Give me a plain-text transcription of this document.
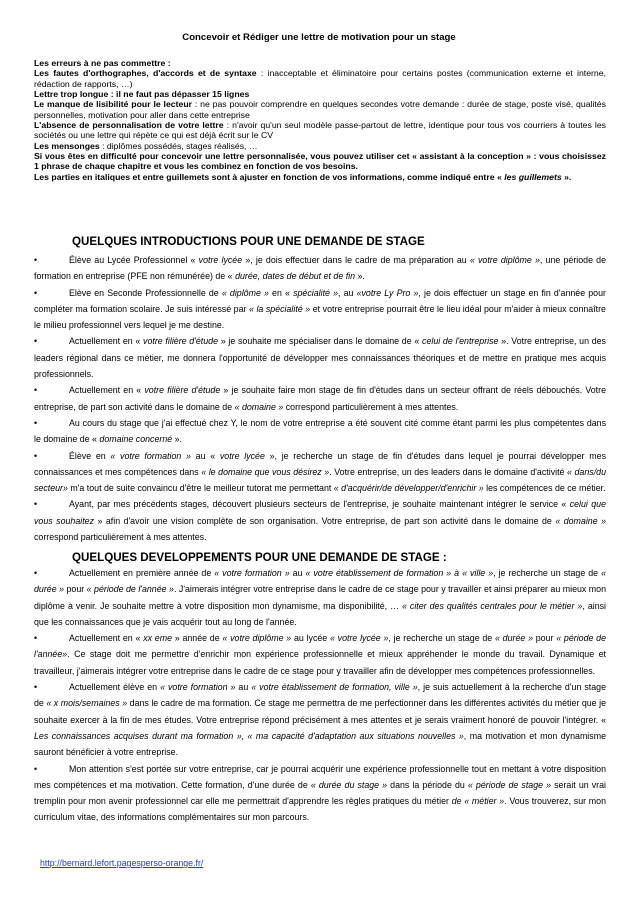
Concevoir et Rédiger une lettre de motivation pour un stage

Les erreurs à ne pas commettre :

Les fautes d'orthographes, d'accords et de syntaxe : inacceptable et éliminatoire pour certains postes (communication externe et interne, rédaction de rapports, …)

Lettre trop longue : il ne faut pas dépasser 15 lignes

Le manque de lisibilité pour le lecteur : ne pas pouvoir comprendre en quelques secondes votre demande : durée de stage, poste visé, qualités personnelles, motivation pour aller dans cette entreprise

L'absence de personnalisation de votre lettre : n'avoir qu'un seul modèle passe-partout de lettre, identique pour tous vos courriers à toutes les sociétés ou une lettre qui répète ce qui est déjà écrit sur le CV

Les mensonges : diplômes possédés, stages réalisés, …

Si vous êtes en difficulté pour concevoir une lettre personnalisée, vous pouvez utiliser cet « assistant à la conception » : vous choisissez 1 phrase de chaque chapitre et vous les combinez en fonction de vos besoins.

Les parties en italiques et entre guillemets sont à ajuster en fonction de vos informations, comme indiqué entre « les guillemets ».

QUELQUES INTRODUCTIONS POUR UNE DEMANDE DE STAGE

•	Élève au Lycée Professionnel « votre lycée », je dois effectuer dans le cadre de ma préparation au « votre diplôme », une période de formation en entreprise (PFE non rémunérée) de « durée, dates de début et de fin ».

•	Elève en Seconde Professionnelle de « diplôme » en « spécialité », au «votre Ly Pro », je dois effectuer un stage en fin d'année pour compléter ma formation scolaire. Je suis intéressé par « la spécialité » et votre entreprise pourrait être le lieu idéal pour m'aider à mieux connaître le milieu professionnel vers lequel je me destine.

•	Actuellement en « votre filière d'étude » je souhaite me spécialiser dans le domaine de « celui de l'entreprise ». Votre entreprise, un des leaders régional dans ce métier, me donnera l'opportunité de développer mes connaissances théoriques et de mettre en pratique mes acquis professionnels.

•	Actuellement en « votre filière d'étude » je souhaite faire mon stage de fin d'études dans un secteur offrant de réels débouchés. Votre entreprise, de part son activité dans le domaine de « domaine » correspond particulièrement à mes attentes.

•	Au cours du stage que j'ai effectué chez Y, le nom de votre entreprise a été souvent cité comme étant parmi les plus compétentes dans le domaine de « domaine concerné ».

•	Élève en « votre formation » au « votre lycée », je recherche un stage de fin d'études dans lequel je pourrai développer mes connaissances et mes compétences dans « le domaine que vous désirez ». Votre entreprise, un des leaders dans le domaine d'activité « dans/du secteur» m'a tout de suite convaincu d'être le meilleur tutorat me permettant « d'acquérir/de développer/d'enrichir » les compétences de ce métier.

•	Ayant, par mes précédents stages, découvert plusieurs secteurs de l'entreprise, je souhaite maintenant intégrer le service « celui que vous souhaitez » afin d'avoir une vision complète de son organisation. Votre entreprise, de part son activité dans le domaine de « domaine » correspond particulièrement à mes attentes.

QUELQUES DEVELOPPEMENTS POUR UNE DEMANDE DE STAGE :

•	Actuellement en première année de « votre formation » au « votre établissement de formation » à « ville », je recherche un stage de « durée » pour « période de l'année ». J'aimerais intégrer votre entreprise dans le cadre de ce stage pour y travailler et ainsi préparer au mieux mon diplôme à venir. Je souhaite mettre à votre disposition mon dynamisme, ma disponibilité, … « citer des qualités centrales pour le métier », ainsi que les connaissances que je vais acquérir tout au long de l'année.

•	Actuellement en « xx eme » année de « votre diplôme » au lycée « votre lycée », je recherche un stage de « durée » pour « période de l'année». Ce stage doit me permettre d'enrichir mon expérience professionnelle et mieux appréhender le monde du travail. Dynamique et travailleur, j'aimerais intégrer votre entreprise dans le cadre de ce stage pour y travailler afin de développer mes compétences professionnelles.

•	Actuellement élève en « votre formation » au « votre établissement de formation, ville », je suis actuellement à la recherche d'un stage de « x mois/semaines » dans le cadre de ma formation. Ce stage me permettra de me perfectionner dans les différentes activités du métier que je souhaite exercer à la fin de mes études. Votre entreprise répond précisément à mes attentes et je serais vraiment honoré de pouvoir l'intégrer. « Les connaissances acquises durant ma formation », « ma capacité d'adaptation aux situations nouvelles », ma motivation et mon dynamisme sauront bénéficier à votre entreprise.

•	Mon attention s'est portée sur votre entreprise, car je pourrai acquérir une expérience professionnelle tout en mettant à votre disposition mes compétences et ma motivation. Cette formation, d'une durée de « durée du stage » dans la période du « période de stage » serait un vrai tremplin pour mon avenir professionnel car elle me permettrait d'apprendre les règles pratiques du métier de « métier ». Vous trouverez, sur mon curriculum vitae, des informations complémentaires sur mon parcours.

http://bernard.lefort.pagesperso-orange.fr/
